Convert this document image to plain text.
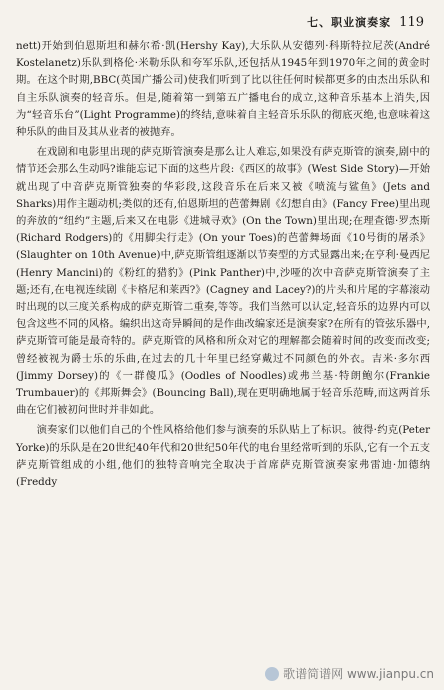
七、职业演奏家 119

nett)开始到伯恩斯坦和赫尔希·凯(Hershy Kay),大乐队从安德列·科斯特拉尼茨(André Kostelanetz)乐队到格伦·米勒乐队和夸军乐队,还包括从1945年到1970年之间的黄金时期。在这个时期,BBC(英国广播公司)使我们听到了比以往任何时候都更多的由杰出乐队和自主乐队演奏的轻音乐。但是,随着第一到第五广播电台的成立,这种音乐基本上消失,因为“轻音乐台”(Light Programme)的终结,意味着自主轻音乐乐队的彻底灭绝,也意味着这种乐队的曲目及其从业者的被抛弃。

在戏剧和电影里出现的萨克斯管演奏是那么让人难忘,如果没有萨克斯管的演奏,剧中的情节还会那么生动吗?谁能忘记下面的这些片段:《西区的故事》(West Side Story)—开始就出现了中音萨克斯管独奏的华彩段,这段音乐在后来又被《喷流与鲨鱼》(Jets and Sharks)用作主题动机;类似的还有,伯恩斯坦的芭蕾舞剧《幻想自由》(Fancy Free)里出现的奔放的“纽约”主题,后来又在电影《进城寻欢》(On the Town)里出现;在理查德·罗杰斯(Richard Rodgers)的《用脚尖行走》(On your Toes)的芭蕾舞场面《10号街的屠杀》(Slaughter on 10th Avenue)中,萨克斯管组逐渐以节奏型的方式显露出来;在亨利·曼西尼(Henry Mancini)的《粉红的猎豹》(Pink Panther)中,沙哑的次中音萨克斯管演奏了主题;还有,在电视连续剧《卡格尼和莱西?》(Cagney and Lacey?)的片头和片尾的字幕滚动时出现的以三度关系构成的萨克斯管二重奏,等等。我们当然可以认定,轻音乐的边界内可以包含这些不同的风格。编织出这奇异瞬间的是作曲改编家还是演奏家?在所有的管弦乐器中,萨克斯管可能是最奇特的。萨克斯管的风格和所众对它的理解都会随着时间的改变而改变;曾经被视为爵士乐的乐曲,在过去的几十年里已经穿戴过不同颜色的外衣。吉米·多尔西(Jimmy Dorsey)的《一群傻瓜》(Oodles of Noodles)或弗兰基·特朗鲍尔(Frankie Trumbauer)的《邦斯舞会》(Bouncing Ball),现在更明确地属于轻音乐范畴,而这两首乐曲在它们被初问世时并非如此。

演奏家们以他们自己的个性风格给他们参与演奏的乐队贴上了标识。彼得·约克(Peter Yorke)的乐队是在20世纪40年代和20世纪50年代的电台里经常听到的乐队,它有一个五支萨克斯管组成的小组,他们的独特音响完全取决于首席萨克斯管演奏家弗雷迪·加德纳(Freddy

歌谱简谱网 www.jianpu.cn
